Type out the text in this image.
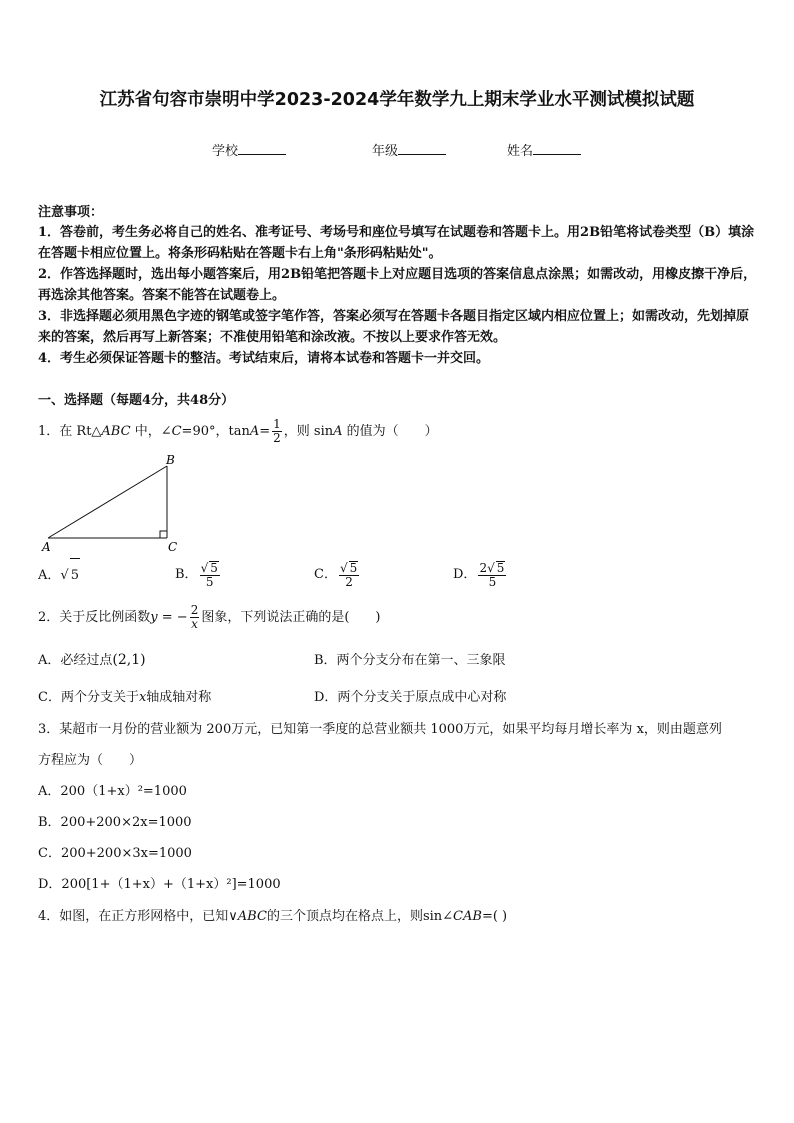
江苏省句容市崇明中学2023-2024学年数学九上期末学业水平测试模拟试题
学校	年级	姓名
注意事项：
1．答卷前，考生务必将自己的姓名、准考证号、考场号和座位号填写在试题卷和答题卡上。用2B铅笔将试卷类型（B）填涂在答题卡相应位置上。将条形码粘贴在答题卡右上角"条形码粘贴处"。
2．作答选择题时，选出每小题答案后，用2B铅笔把答题卡上对应题目选项的答案信息点涂黑；如需改动，用橡皮擦干净后，再选涂其他答案。答案不能答在试题卷上。
3．非选择题必须用黑色字迹的钢笔或签字笔作答，答案必须写在答题卡各题目指定区域内相应位置上；如需改动，先划掉原来的答案，然后再写上新答案；不准使用铅笔和涂改液。不按以上要求作答无效。
4．考生必须保证答题卡的整洁。考试结束后，请将本试卷和答题卡一并交回。
一、选择题（每题4分，共48分）
1．在 Rt△ABC 中，∠C=90°，$\tan A= \frac{1}{2}$ ，则 sinA 的值为（　　）
A
B
C
A．√ 5	B． $\frac{√ 5}{5}$	C． $\frac{√ 5}{2}$	D． $\frac{2√ 5}{5}$
2．关于反比例函数y = − $\frac{2}{x}$ 图象，下列说法正确的是(　　)
A．必经过点(2,1)	B．两个分支分布在第一、三象限
C．两个分支关于x轴成轴对称	D．两个分支关于原点成中心对称
3．某超市一月份的营业额为 200万元，已知第一季度的总营业额共 1000万元，如果平均每月增长率为 x，则由题意列
方程应为（　　）
A．200（1+x）²=1000
B．200+200×2x=1000
C．200+200×3x=1000
D．200[1+（1+x）+（1+x）²]=1000
4．如图，在正方形网格中，已知∨ABC的三个顶点均在格点上，则sin∠CAB=( )
